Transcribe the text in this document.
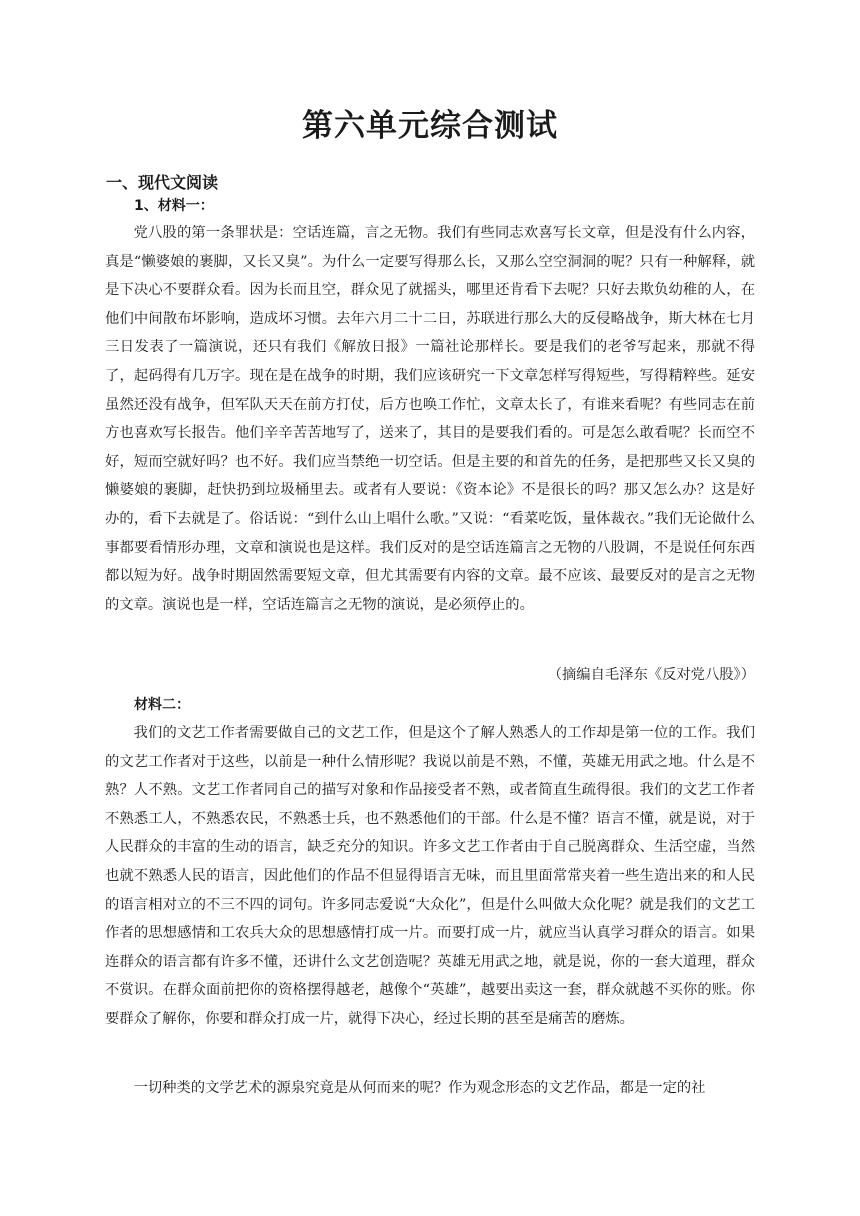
第六单元综合测试
一、现代文阅读
1、材料一：

党八股的第一条罪状是：空话连篇，言之无物。我们有些同志欢喜写长文章，但是没有什么内容，真是“懒婆娘的裹脚，又长又臭”。为什么一定要写得那么长，又那么空空洞洞的呢？只有一种解释，就是下决心不要群众看。因为长而且空，群众见了就摇头，哪里还肯看下去呢？只好去欺负幼稚的人，在他们中间散布坏影响，造成坏习惯。去年六月二十二日，苏联进行那么大的反侵略战争，斯大林在七月三日发表了一篇演说，还只有我们《解放日报》一篇社论那样长。要是我们的老爷写起来，那就不得了，起码得有几万字。现在是在战争的时期，我们应该研究一下文章怎样写得短些，写得精粹些。延安虽然还没有战争，但军队天天在前方打仗，后方也唤工作忙，文章太长了，有谁来看呢？有些同志在前方也喜欢写长报告。他们辛辛苦苦地写了，送来了，其目的是要我们看的。可是怎么敢看呢？长而空不好，短而空就好吗？也不好。我们应当禁绝一切空话。但是主要的和首先的任务，是把那些又长又臭的懒婆娘的裹脚，赶快扔到垃圾桶里去。或者有人要说：《资本论》不是很长的吗？那又怎么办？这是好办的，看下去就是了。俗话说：“到什么山上唱什么歌。”又说：“看菜吃饭，量体裁衣。”我们无论做什么事都要看情形办理，文章和演说也是这样。我们反对的是空话连篇言之无物的八股调，不是说任何东西都以短为好。战争时期固然需要短文章，但尤其需要有内容的文章。最不应该、最要反对的是言之无物的文章。演说也是一样，空话连篇言之无物的演说，是必须停止的。

（摘编自毛泽东《反对党八股》）
材料二：

我们的文艺工作者需要做自己的文艺工作，但是这个了解人熟悉人的工作却是第一位的工作。我们的文艺工作者对于这些，以前是一种什么情形呢？我说以前是不熟，不懂，英雄无用武之地。什么是不熟？人不熟。文艺工作者同自己的描写对象和作品接受者不熟，或者简直生疏得很。我们的文艺工作者不熟悉工人，不熟悉农民，不熟悉士兵，也不熟悉他们的干部。什么是不懂？语言不懂，就是说，对于人民群众的丰富的生动的语言，缺乏充分的知识。许多文艺工作者由于自己脱离群众、生活空虚，当然也就不熟悉人民的语言，因此他们的作品不但显得语言无味，而且里面常常夹着一些生造出来的和人民的语言相对立的不三不四的词句。许多同志爱说“大众化”，但是什么叫做大众化呢？就是我们的文艺工作者的思想感情和工农兵大众的思想感情打成一片。而要打成一片，就应当认真学习群众的语言。如果连群众的语言都有许多不懂，还讲什么文艺创造呢？英雄无用武之地，就是说，你的一套大道理，群众不赏识。在群众面前把你的资格摆得越老，越像个“英雄”，越要出卖这一套，群众就越不买你的账。你要群众了解你，你要和群众打成一片，就得下决心，经过长期的甚至是痛苦的磨炼。

一切种类的文学艺术的源泉究竟是从何而来的呢？作为观念形态的文艺作品，都是一定的社
